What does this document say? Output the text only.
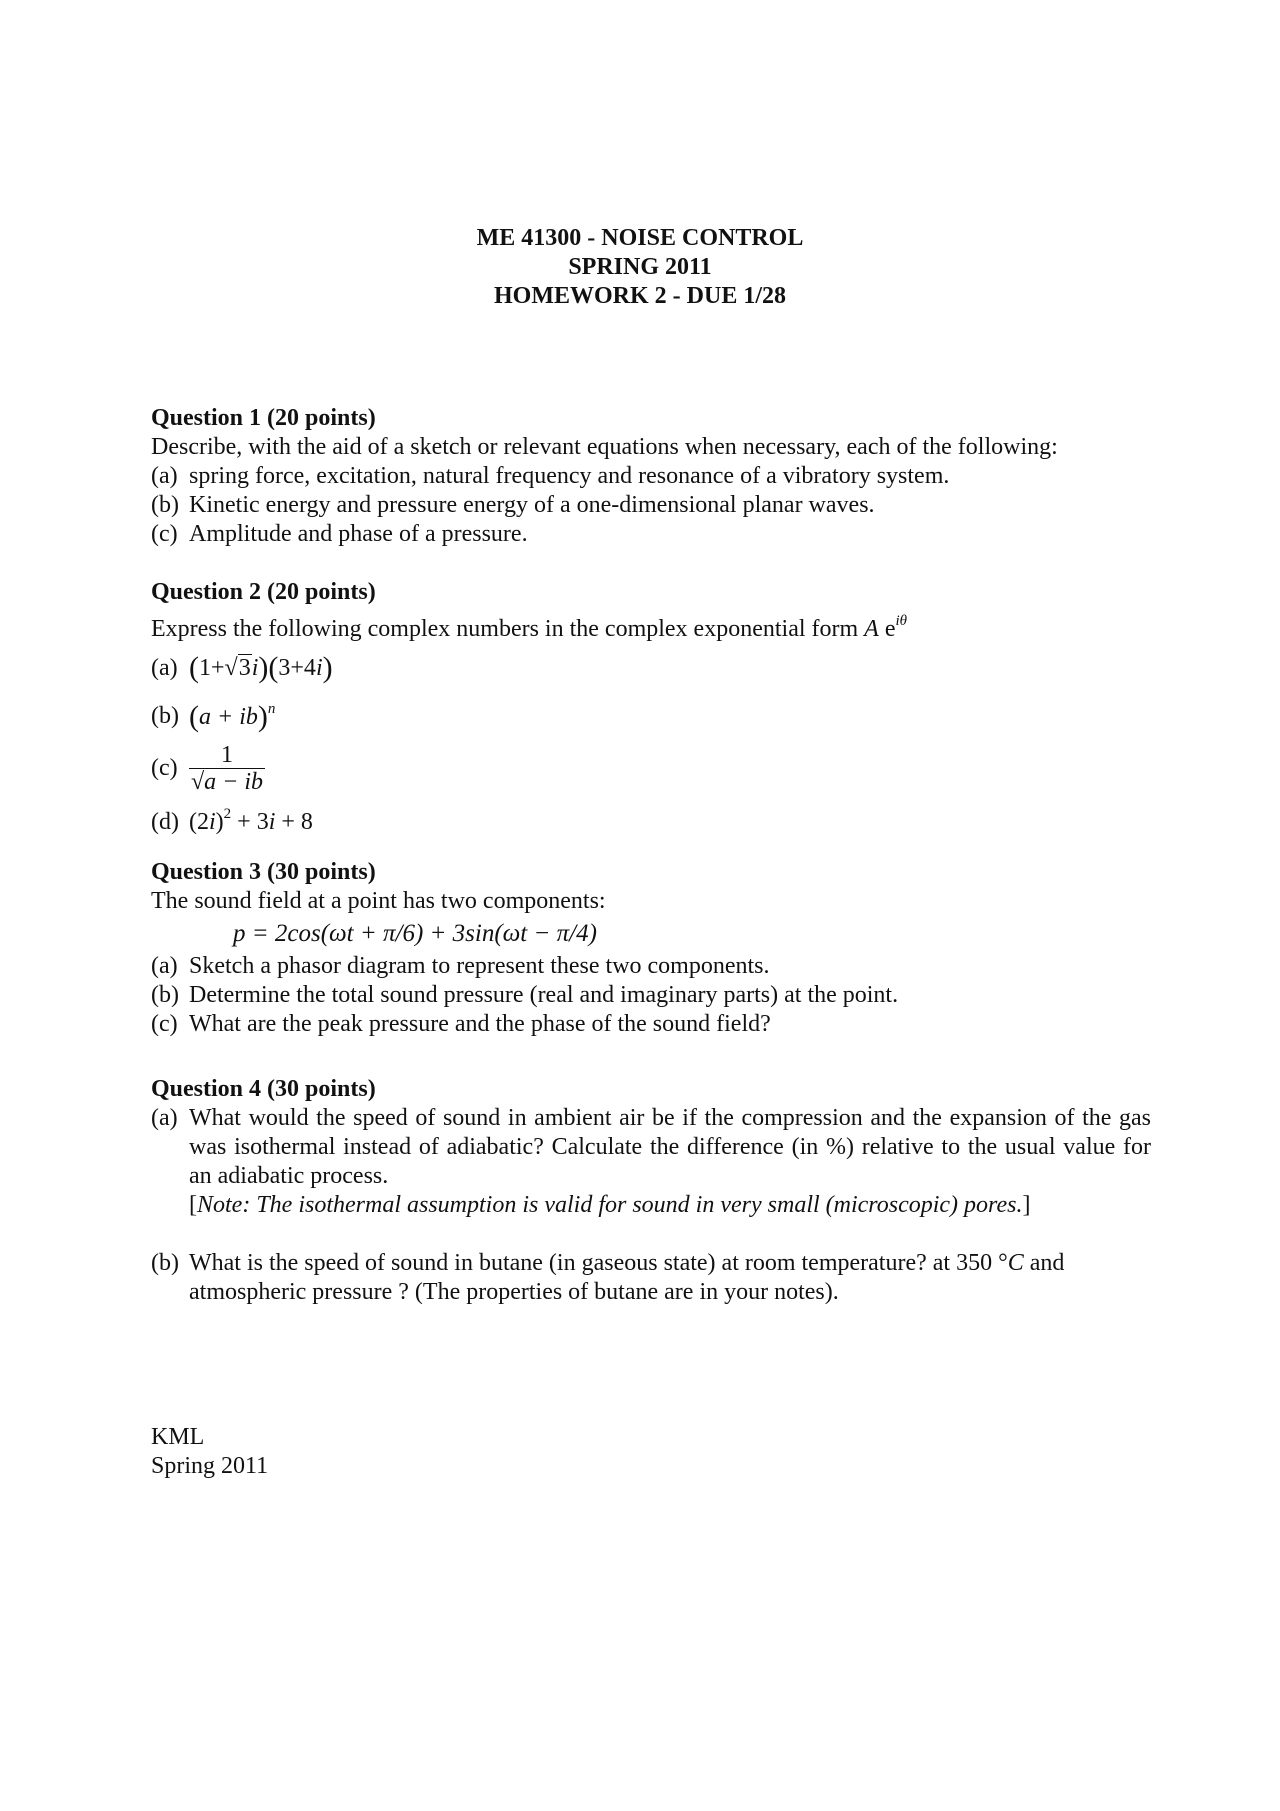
ME 41300 - NOISE CONTROL
SPRING 2011
HOMEWORK 2 - DUE 1/28
Question 1 (20 points)
Describe, with the aid of a sketch or relevant equations when necessary, each of the following:
(a) spring force, excitation, natural frequency and resonance of a vibratory system.
(b) Kinetic energy and pressure energy of a one-dimensional planar waves.
(c) Amplitude and phase of a pressure.
Question 2 (20 points)
Express the following complex numbers in the complex exponential form A $e^{i\theta}$
(a) (1+√3i)(3+4i)
(b) (a + ib)$^n$
$(c) \frac{1}{√a - ib}$
(d) $(2i)^2 + 3i + 8$
Question 3 (30 points)
The sound field at a point has two components:
p = 2cos(ωt + π/6) + 3sin(ωt − π/4)
(a) Sketch a phasor diagram to represent these two components.
(b) Determine the total sound pressure (real and imaginary parts) at the point.
(c) What are the peak pressure and the phase of the sound field?
Question 4 (30 points)
(a) What would the speed of sound in ambient air be if the compression and the expansion of the gas was isothermal instead of adiabatic? Calculate the difference (in %) relative to the usual value for an adiabatic process.
[Note: The isothermal assumption is valid for sound in very small (microscopic) pores.]
(b) What is the speed of sound in butane (in gaseous state) at room temperature? at 350 °C and atmospheric pressure ? (The properties of butane are in your notes).
KML
Spring 2011
